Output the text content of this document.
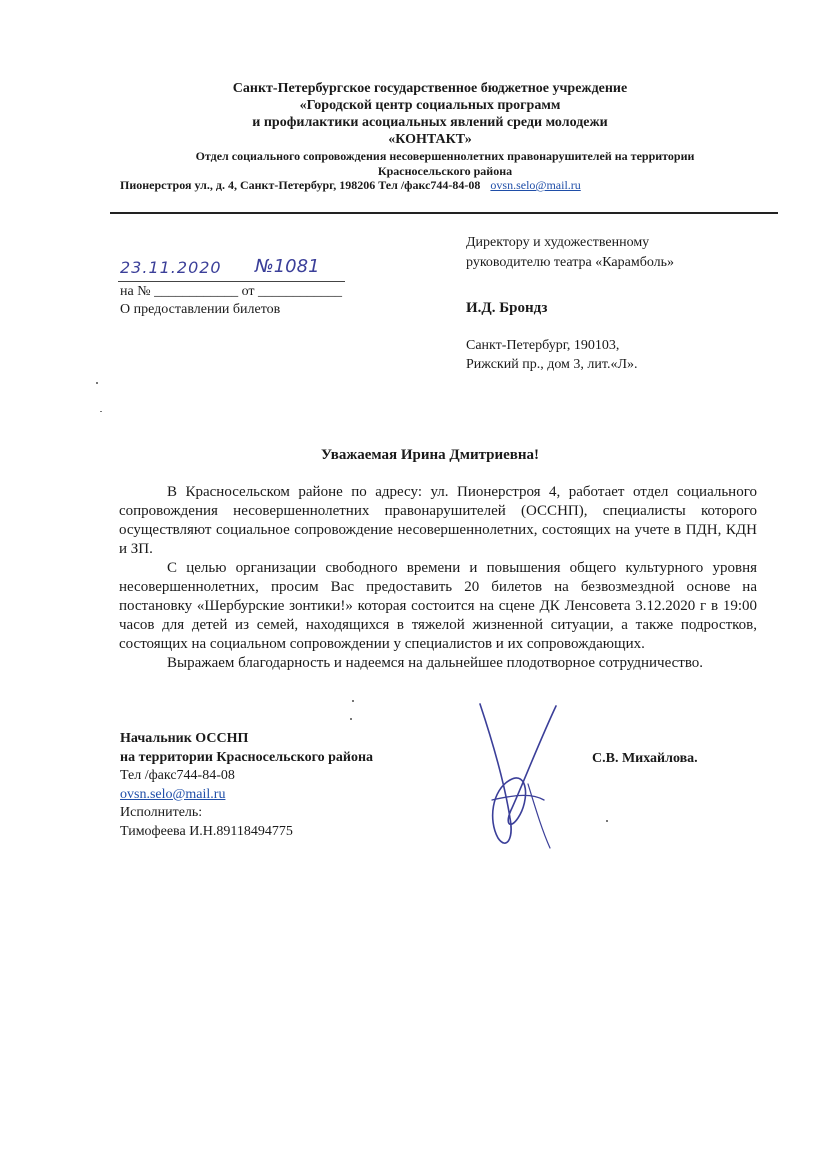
Санкт-Петербургское государственное бюджетное учреждение
«Городской центр социальных программ
и профилактики асоциальных явлений среди молодежи
«КОНТАКТ»
Отдел социального сопровождения несовершеннолетних правонарушителей на территории
Красносельского района
Пионерстроя ул., д. 4, Санкт-Петербург, 198206 Тел /факс744-84-08 ovsn.selo@mail.ru
23.11.2020 №1081
на № ____________ от ____________
О предоставлении билетов
Директору и художественному
руководителю театра «Карамболь»
И.Д. Брондз
Санкт-Петербург, 190103,
Рижский пр., дом 3, лит.«Л».
Уважаемая Ирина Дмитриевна!

В Красносельском районе по адресу: ул. Пионерстроя 4, работает отдел социального сопровождения несовершеннолетних правонарушителей (ОССНП), специалисты которого осуществляют социальное сопровождение несовершеннолетних, состоящих на учете в ПДН, КДН и ЗП.

С целью организации свободного времени и повышения общего культурного уровня несовершеннолетних, просим Вас предоставить 20 билетов на безвозмездной основе на постановку «Шербурские зонтики!» которая состоится на сцене ДК Ленсовета 3.12.2020 г в 19:00 часов для детей из семей, находящихся в тяжелой жизненной ситуации, а также подростков, состоящих на социальном сопровождении у специалистов и их сопровождающих.

Выражаем благодарность и надеемся на дальнейшее плодотворное сотрудничество.

Начальник ОССНП
на территории Красносельского района
Тел /факс744-84-08
ovsn.selo@mail.ru
Исполнитель:
Тимофеева И.Н.89118494775
С.В. Михайлова.
